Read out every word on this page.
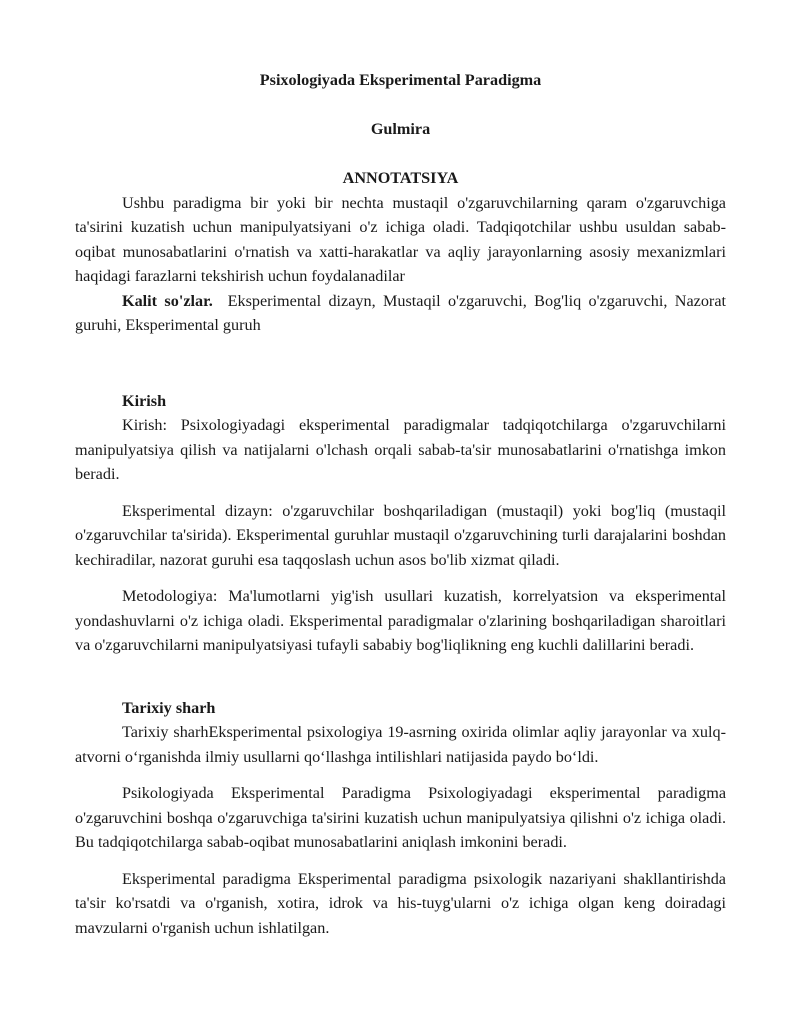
Psixologiyada Eksperimental Paradigma
Gulmira
ANNOTATSIYA

Ushbu paradigma bir yoki bir nechta mustaqil o'zgaruvchilarning qaram o'zgaruvchiga ta'sirini kuzatish uchun manipulyatsiyani o'z ichiga oladi. Tadqiqotchilar ushbu usuldan sabab-oqibat munosabatlarini o'rnatish va xatti-harakatlar va aqliy jarayonlarning asosiy mexanizmlari haqidagi farazlarni tekshirish uchun foydalanadilar

Kalit so'zlar. Eksperimental dizayn, Mustaqil o'zgaruvchi, Bog'liq o'zgaruvchi, Nazorat guruhi, Eksperimental guruh

Kirish

Kirish: Psixologiyadagi eksperimental paradigmalar tadqiqotchilarga o'zgaruvchilarni manipulyatsiya qilish va natijalarni o'lchash orqali sabab-ta'sir munosabatlarini o'rnatishga imkon beradi.

Eksperimental dizayn: o'zgaruvchilar boshqariladigan (mustaqil) yoki bog'liq (mustaqil o'zgaruvchilar ta'sirida). Eksperimental guruhlar mustaqil o'zgaruvchining turli darajalarini boshdan kechiradilar, nazorat guruhi esa taqqoslash uchun asos bo'lib xizmat qiladi.

Metodologiya: Ma'lumotlarni yig'ish usullari kuzatish, korrelyatsion va eksperimental yondashuvlarni o'z ichiga oladi. Eksperimental paradigmalar o'zlarining boshqariladigan sharoitlari va o'zgaruvchilarni manipulyatsiyasi tufayli sababiy bog'liqlikning eng kuchli dalillarini beradi.

Tarixiy sharh

Tarixiy sharhEksperimental psixologiya 19-asrning oxirida olimlar aqliy jarayonlar va xulq-atvorni o‘rganishda ilmiy usullarni qo‘llashga intilishlari natijasida paydo bo‘ldi.

Psikologiyada Eksperimental Paradigma Psixologiyadagi eksperimental paradigma o'zgaruvchini boshqa o'zgaruvchiga ta'sirini kuzatish uchun manipulyatsiya qilishni o'z ichiga oladi. Bu tadqiqotchilarga sabab-oqibat munosabatlarini aniqlash imkonini beradi.

Eksperimental paradigma Eksperimental paradigma psixologik nazariyani shakllantirishda ta'sir ko'rsatdi va o'rganish, xotira, idrok va his-tuyg'ularni o'z ichiga olgan keng doiradagi mavzularni o'rganish uchun ishlatilgan.
